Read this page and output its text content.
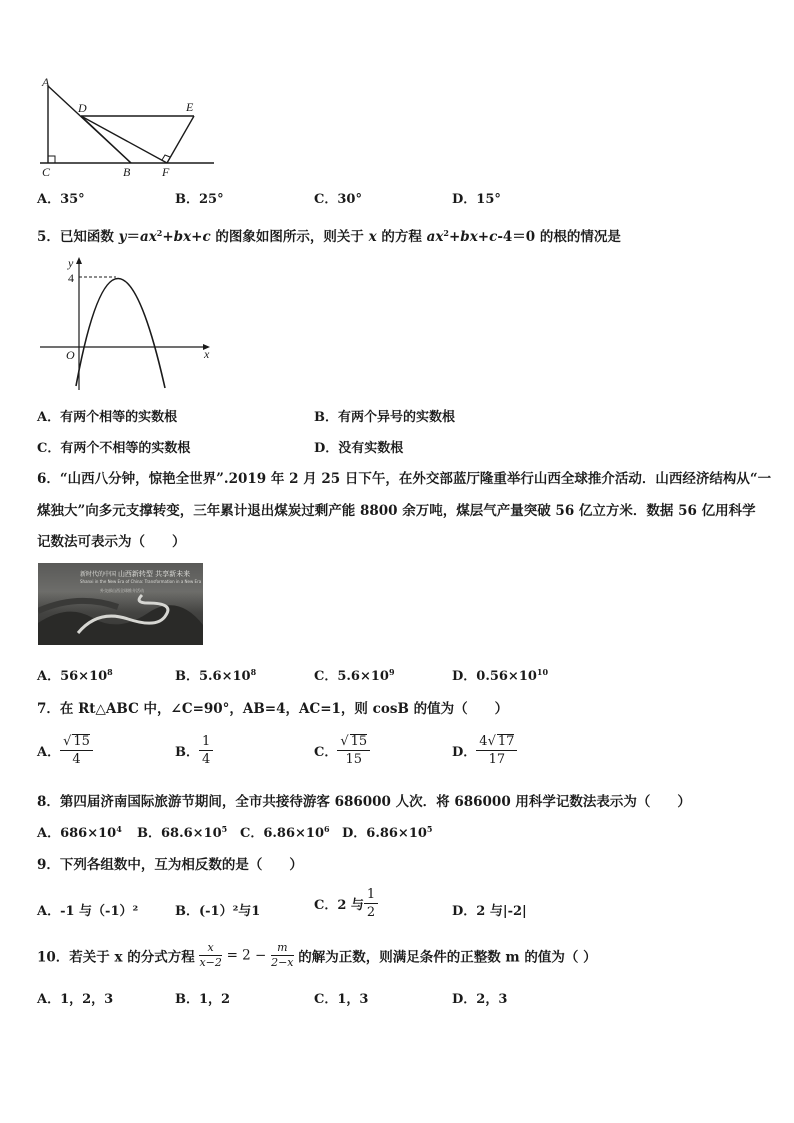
A
D	E
C	B	F
A．35°	B．25°	C．30°	D．15°
5．已知函数 $y=ax^2+bx+c$ 的图象如图所示，则关于 x 的方程 $ax^2+bx+c-4=0$ 的根的情况是
y
4
O	x
A．有两个相等的实数根	B．有两个异号的实数根
C．有两个不相等的实数根	D．没有实数根
6．“山西八分钟，惊艳全世界”.2019 年 2 月 25 日下午，在外交部蓝厅隆重举行山西全球推介活动．山西经济结构从“一
煤独大”向多元支撑转变，三年累计退出煤炭过剩产能 8800 余万吨，煤层气产量突破 56 亿立方米．数据 56 亿用科学
记数法可表示为（　　）
新时代的中国 山西新转型 共享新未来
Shanxi in the New Era of China: Transformation in a New Era
外交部山西全球推介活动
A．$56\times 10^8$	B．$5.6\times 10^8$	C．$5.6\times 10^9$	D．$0.56\times 10^{10}$
7．在 Rt△ABC 中，∠C=90°，AB=4，AC=1，则 cosB 的值为（　　）
A． $\frac{√ 15}{4}$	B． $\frac{1}{4}$	C． $\frac{√ 15}{15}$	D． $\frac{4√ 17}{17}$
8．第四届济南国际旅游节期间，全市共接待游客 686000 人次．将 686000 用科学记数法表示为（　　）
A．$686\times 10^4$ B．$68.6\times 10^5$ C．$6.86\times 10^6$ D．$6.86\times 10^5$
9．下列各组数中，互为相反数的是（　　）
A．-1 与（-1）²	B．(-1）²与1	C．2 与 $\frac{1}{2}$	D．2 与|-2|
10．若关于 x 的分式方程 $\frac{x}{x-2} = 2 - \frac{m}{2-x}$ 的解为正数，则满足条件的正整数 m 的值为（ ）
A．1，2，3	B．1，2	C．1，3	D．2，3
